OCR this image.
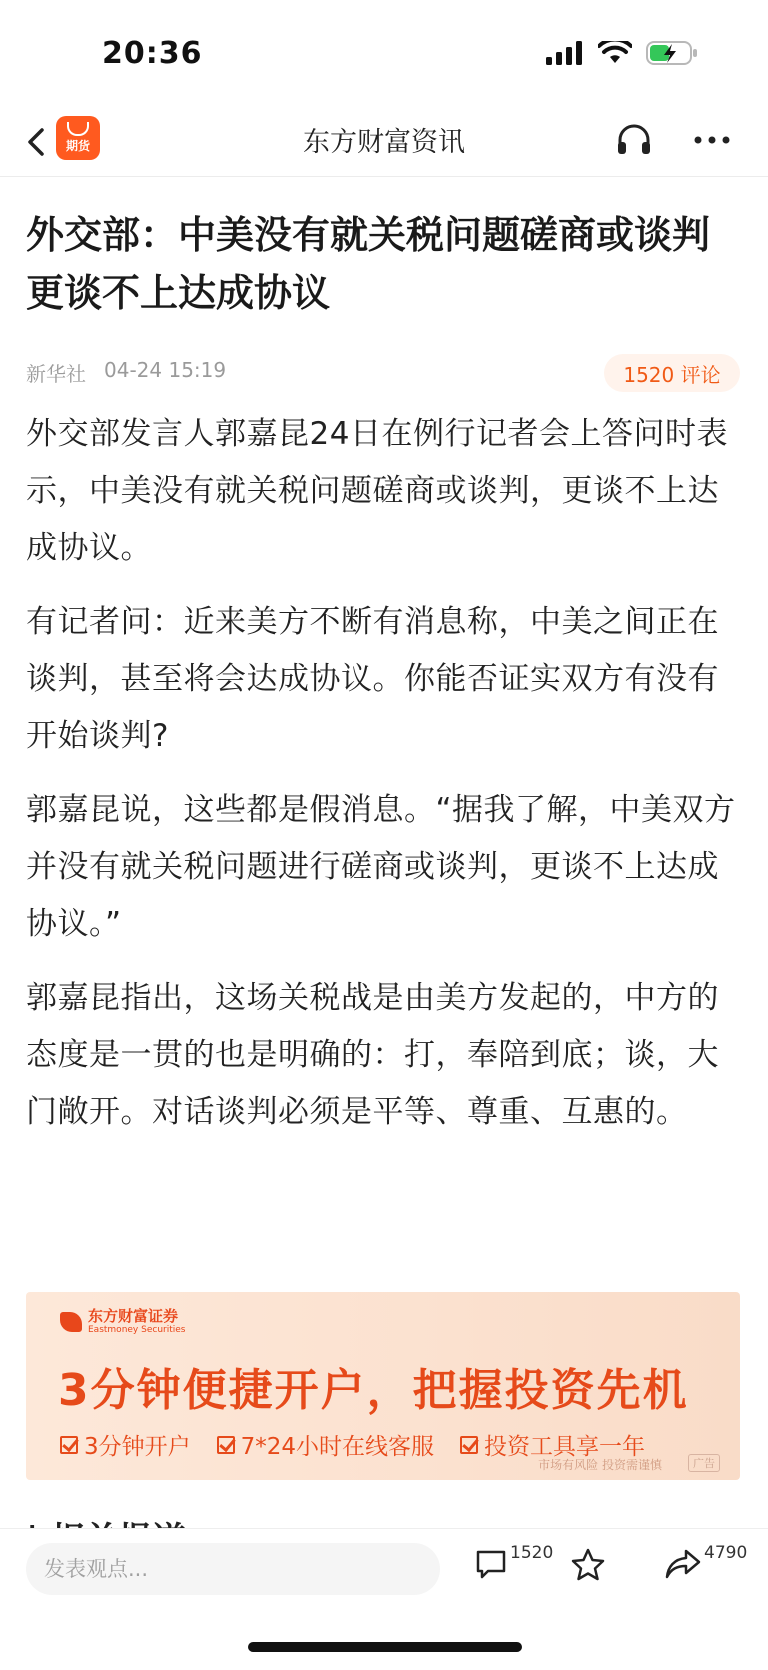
20:36
期货	东方财富资讯
外交部：中美没有就关税问题磋商或谈判 更谈不上达成协议
新华社 04-24 15:19	1520 评论

外交部发言人郭嘉昆24日在例行记者会上答问时表示，中美没有就关税问题磋商或谈判，更谈不上达成协议。

有记者问：近来美方不断有消息称，中美之间正在谈判，甚至将会达成协议。你能否证实双方有没有开始谈判?

郭嘉昆说，这些都是假消息。“据我了解，中美双方并没有就关税问题进行磋商或谈判，更谈不上达成协议。”

郭嘉昆指出，这场关税战是由美方发起的，中方的态度是一贯的也是明确的：打，奉陪到底；谈，大门敞开。对话谈判必须是平等、尊重、互惠的。

东方财富证券
Eastmoney Securities
3分钟便捷开户，把握投资先机
3分钟开户 7*24小时在线客服 投资工具享一年
市场有风险 投资需谨慎	广告
发表观点...
1520	4790
